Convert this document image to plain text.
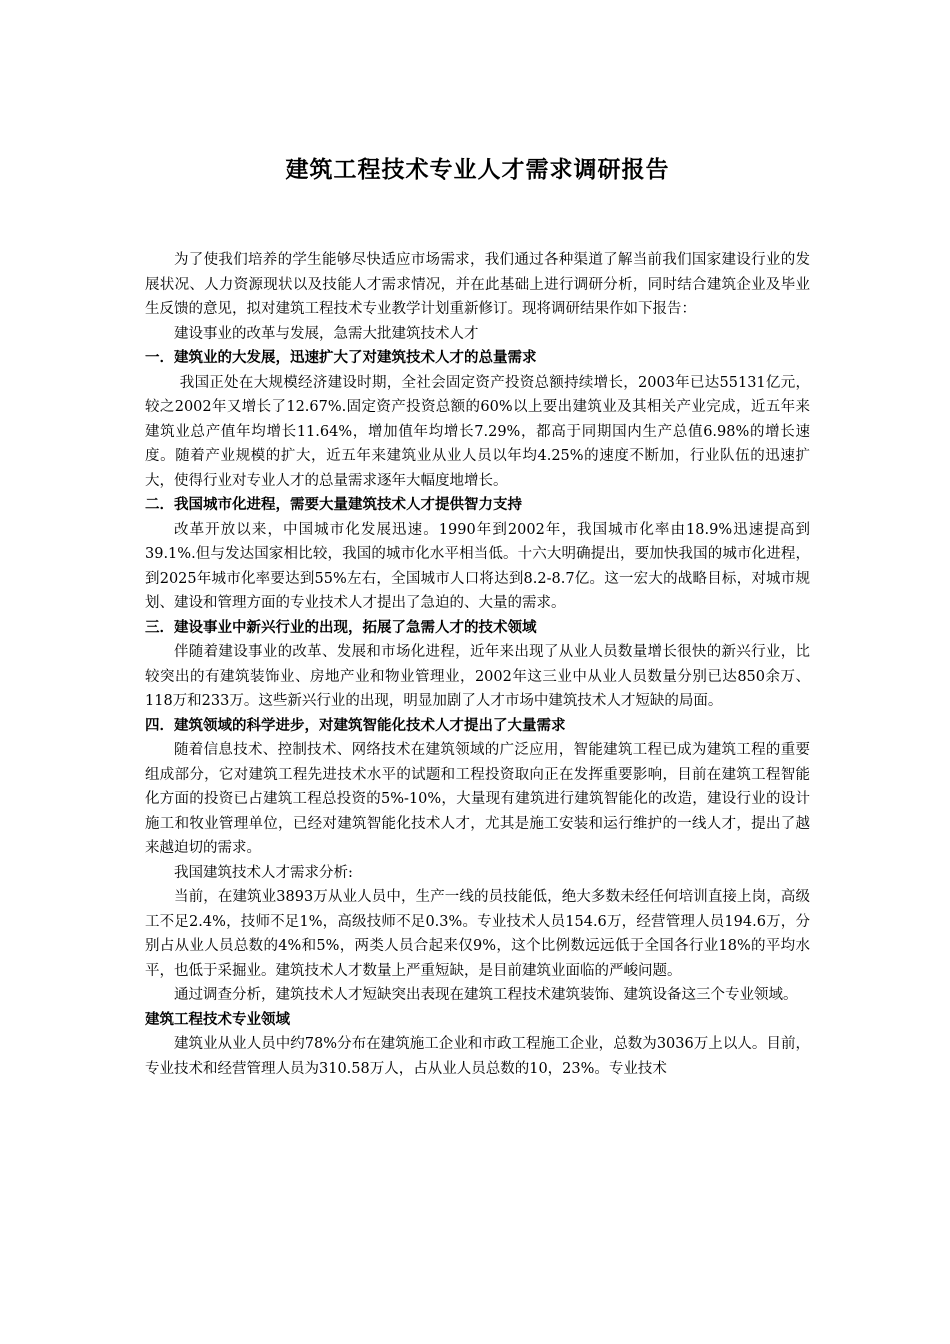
建筑工程技术专业人才需求调研报告

为了使我们培养的学生能够尽快适应市场需求，我们通过各种渠道了解当前我们国家建设行业的发展状况、人力资源现状以及技能人才需求情况，并在此基础上进行调研分析，同时结合建筑企业及毕业生反馈的意见，拟对建筑工程技术专业教学计划重新修订。现将调研结果作如下报告：

建设事业的改革与发展，急需大批建筑技术人才

一．建筑业的大发展，迅速扩大了对建筑技术人才的总量需求

我国正处在大规模经济建设时期，全社会固定资产投资总额持续增长，2003年已达55131亿元，较之2002年又增长了12.67%.固定资产投资总额的60%以上要出建筑业及其相关产业完成，近五年来建筑业总产值年均增长11.64%，增加值年均增长7.29%，都高于同期国内生产总值6.98%的增长速度。随着产业规模的扩大，近五年来建筑业从业人员以年均4.25%的速度不断加，行业队伍的迅速扩大，使得行业对专业人才的总量需求逐年大幅度地增长。

二．我国城市化进程，需要大量建筑技术人才提供智力支持

改革开放以来，中国城市化发展迅速。1990年到2002年，我国城市化率由18.9%迅速提高到39.1%.但与发达国家相比较，我国的城市化水平相当低。十六大明确提出，要加快我国的城市化进程，到2025年城市化率要达到55%左右，全国城市人口将达到8.2-8.7亿。这一宏大的战略目标，对城市规划、建设和管理方面的专业技术人才提出了急迫的、大量的需求。

三．建设事业中新兴行业的出现，拓展了急需人才的技术领域

伴随着建设事业的改革、发展和市场化进程，近年来出现了从业人员数量增长很快的新兴行业，比较突出的有建筑装饰业、房地产业和物业管理业，2002年这三业中从业人员数量分别已达850余万、118万和233万。这些新兴行业的出现，明显加剧了人才市场中建筑技术人才短缺的局面。

四．建筑领域的科学进步，对建筑智能化技术人才提出了大量需求

随着信息技术、控制技术、网络技术在建筑领域的广泛应用，智能建筑工程已成为建筑工程的重要组成部分，它对建筑工程先进技术水平的试题和工程投资取向正在发挥重要影响，目前在建筑工程智能化方面的投资已占建筑工程总投资的5%-10%，大量现有建筑进行建筑智能化的改造，建设行业的设计施工和牧业管理单位，已经对建筑智能化技术人才，尤其是施工安装和运行维护的一线人才，提出了越来越迫切的需求。

我国建筑技术人才需求分析:

当前，在建筑业3893万从业人员中，生产一线的员技能低，绝大多数未经任何培训直接上岗，高级工不足2.4%，技师不足1%，高级技师不足0.3%。专业技术人员154.6万，经营管理人员194.6万，分别占从业人员总数的4%和5%，两类人员合起来仅9%，这个比例数远远低于全国各行业18%的平均水平，也低于采掘业。建筑技术人才数量上严重短缺，是目前建筑业面临的严峻问题。

通过调查分析，建筑技术人才短缺突出表现在建筑工程技术建筑装饰、建筑设备这三个专业领域。

建筑工程技术专业领域

建筑业从业人员中约78%分布在建筑施工企业和市政工程施工企业，总数为3036万上以人。目前，专业技术和经营管理人员为310.58万人，占从业人员总数的10，23%。专业技术
